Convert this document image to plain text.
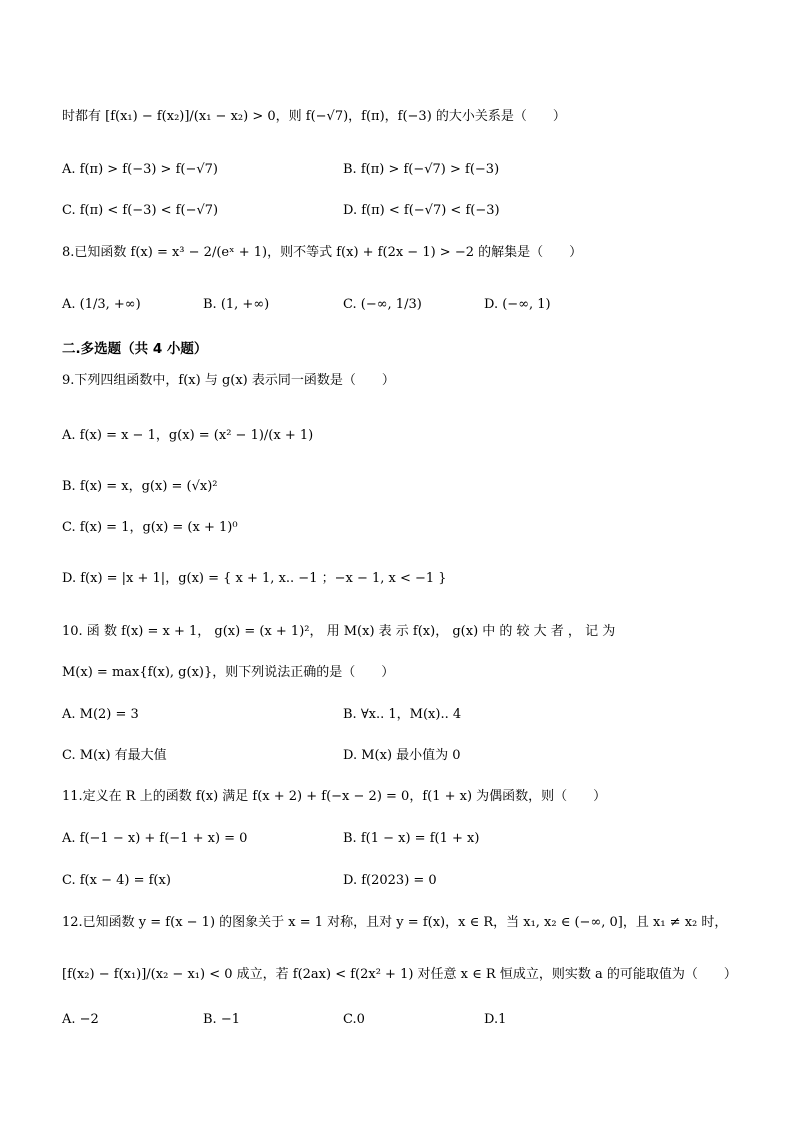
时都有 [f(x₁) − f(x₂)]/(x₁ − x₂) > 0，则 f(−√7)，f(π)，f(−3) 的大小关系是（　　）
A. f(π) > f(−3) > f(−√7)	B. f(π) > f(−√7) > f(−3)
C. f(π) < f(−3) < f(−√7)	D. f(π) < f(−√7) < f(−3)
8.已知函数 f(x) = x³ − 2/(eˣ + 1)，则不等式 f(x) + f(2x − 1) > −2 的解集是（　　）
A. (1/3, +∞)	B. (1, +∞)	C. (−∞, 1/3)	D. (−∞, 1)
二.多选题（共 4 小题）
9.下列四组函数中，f(x) 与 g(x) 表示同一函数是（　　）
A. f(x) = x − 1，g(x) = (x² − 1)/(x + 1)
B. f(x) = x，g(x) = (√x)²
C. f(x) = 1，g(x) = (x + 1)⁰
D. f(x) = |x + 1|，g(x) = { x + 1, x.. −1 ；−x − 1, x < −1 }
10. 函 数 f(x) = x + 1， g(x) = (x + 1)²， 用 M(x) 表 示 f(x)， g(x) 中 的 较 大 者 ， 记 为
M(x) = max{f(x), g(x)}，则下列说法正确的是（　　）
A. M(2) = 3	B. ∀x.. 1，M(x).. 4
C. M(x) 有最大值	D. M(x) 最小值为 0
11.定义在 R 上的函数 f(x) 满足 f(x + 2) + f(−x − 2) = 0，f(1 + x) 为偶函数，则（　　）
A. f(−1 − x) + f(−1 + x) = 0	B. f(1 − x) = f(1 + x)
C. f(x − 4) = f(x)	D. f(2023) = 0
12.已知函数 y = f(x − 1) 的图象关于 x = 1 对称，且对 y = f(x)，x ∈ R，当 x₁, x₂ ∈ (−∞, 0]，且 x₁ ≠ x₂ 时，
[f(x₂) − f(x₁)]/(x₂ − x₁) < 0 成立，若 f(2ax) < f(2x² + 1) 对任意 x ∈ R 恒成立，则实数 a 的可能取值为（　　）
A. −2	B. −1	C.0	D.1
